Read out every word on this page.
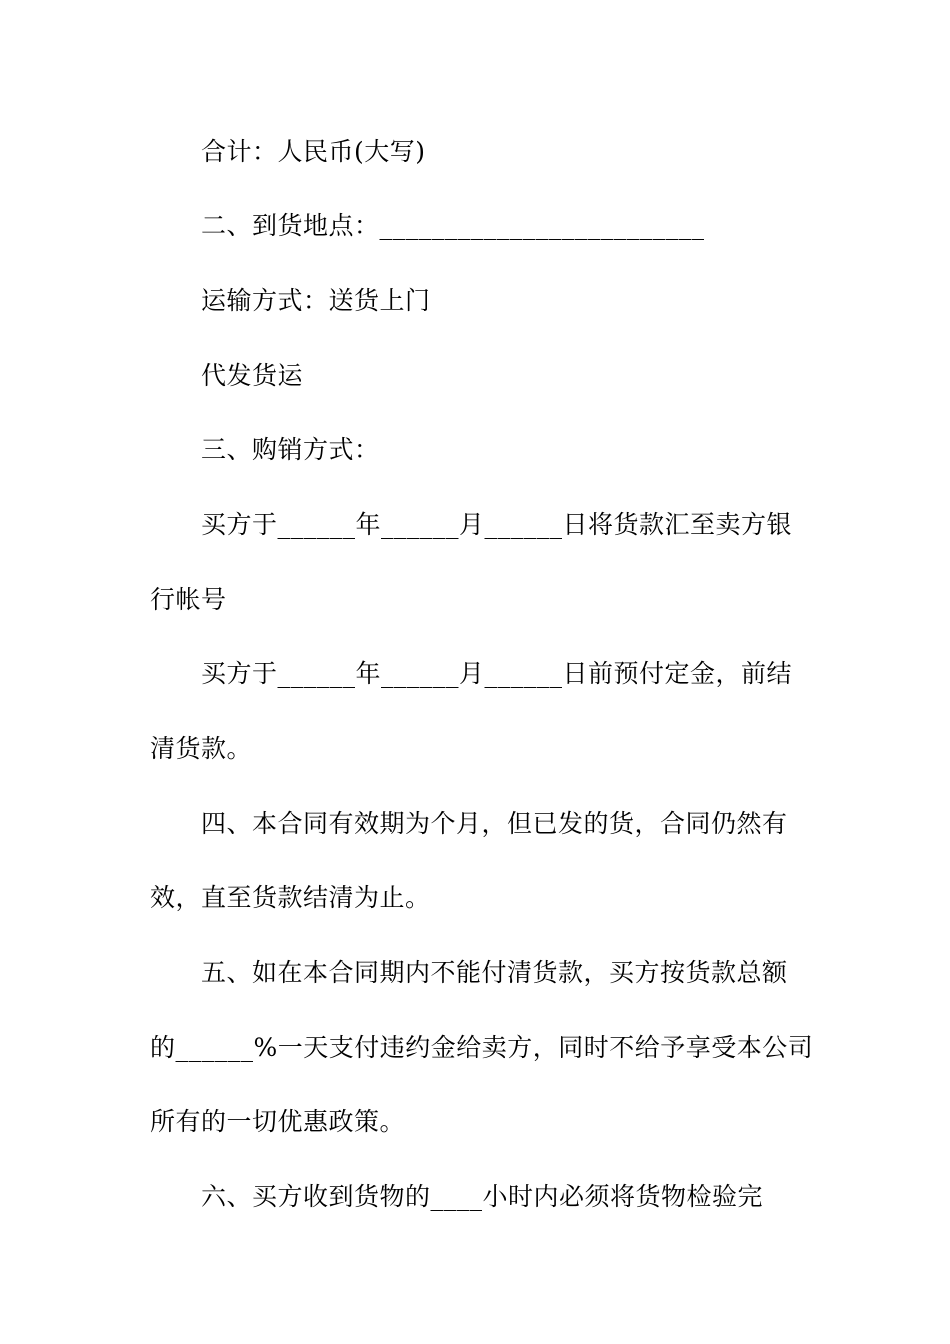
合计：人民币(大写)
二、到货地点：_________________________
运输方式：送货上门
代发货运
三、购销方式：
买方于______年______月______日将货款汇至卖方银
行帐号
买方于______年______月______日前预付定金，前结
清货款。
四、本合同有效期为个月，但已发的货，合同仍然有
效，直至货款结清为止。
五、如在本合同期内不能付清货款，买方按货款总额
的______%一天支付违约金给卖方，同时不给予享受本公司
所有的一切优惠政策。
六、买方收到货物的____小时内必须将货物检验完
